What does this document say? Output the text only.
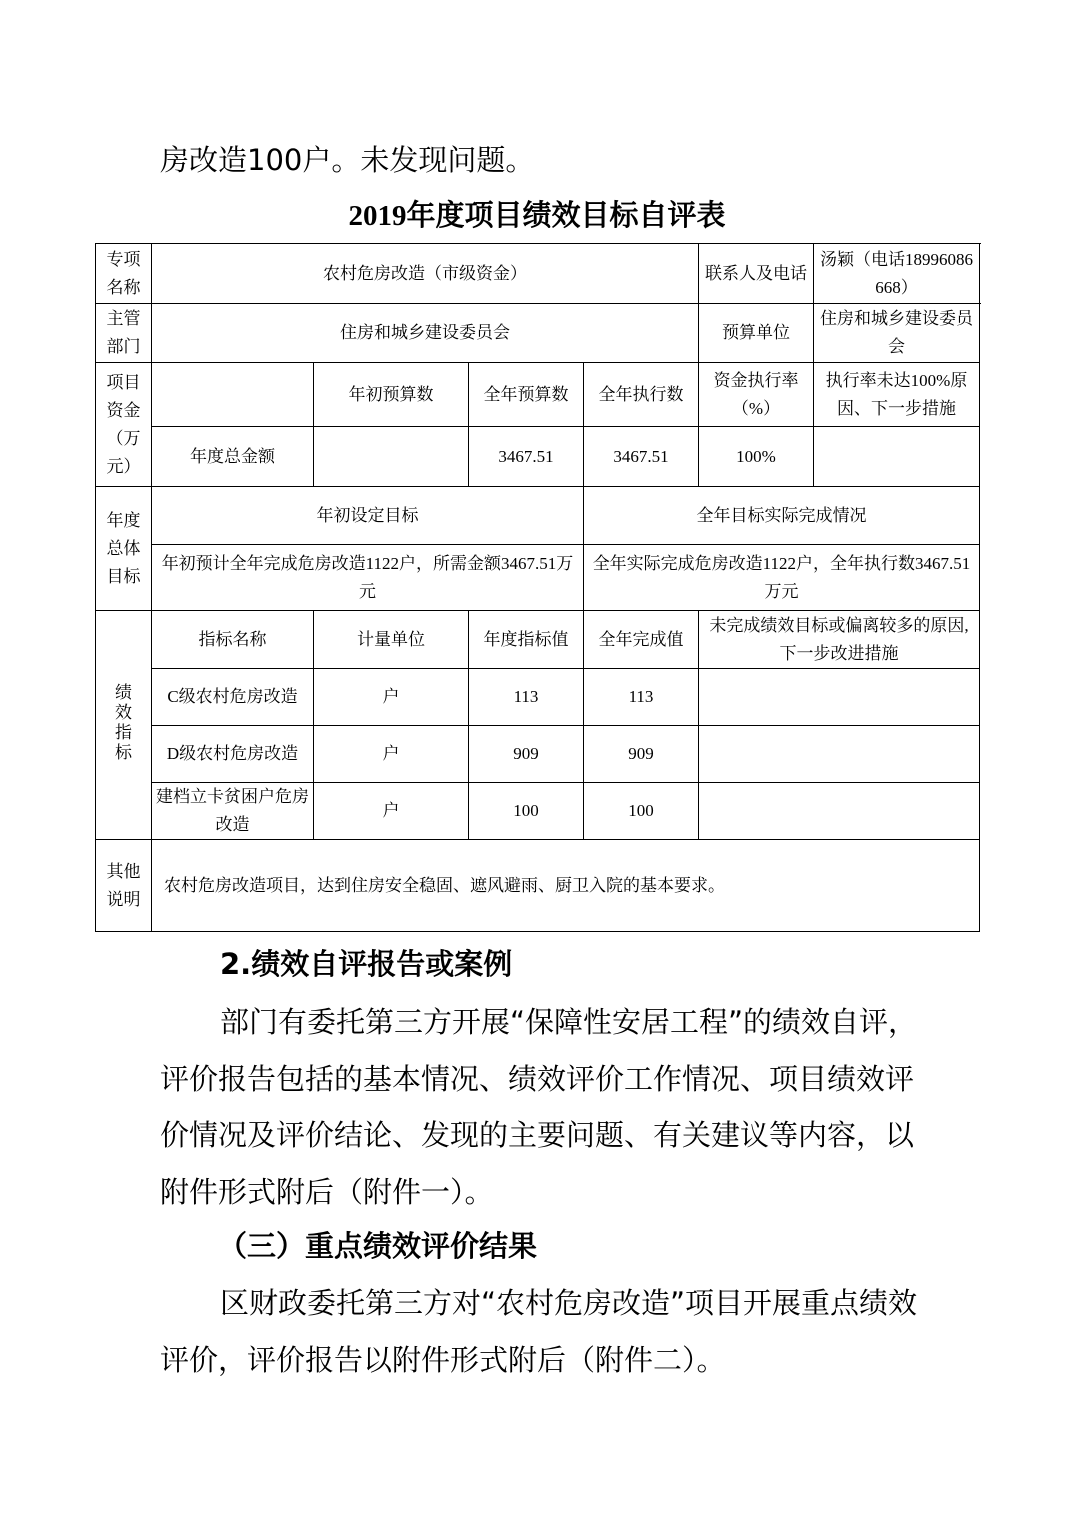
房改造100户。未发现问题。
2019年度项目绩效目标自评表
专项名称	农村危房改造（市级资金）				联系人及电话	汤颖（电话18996086668）
主管部门	住房和城乡建设委员会				预算单位	住房和城乡建设委员会
项目资金（万元）		年初预算数	全年预算数	全年执行数	资金执行率（%）	执行率未达100%原因、下一步措施
	年度总金额		3467.51	3467.51	100%	
年度总体目标	年初设定目标			全年目标实际完成情况		
	年初预计全年完成危房改造1122户，所需金额3467.51万元			全年实际完成危房改造1122户，全年执行数3467.51万元		
绩效指标	指标名称	计量单位	年度指标值	全年完成值	未完成绩效目标或偏离较多的原因,下一步改进措施	
	C级农村危房改造	户	113	113		
	D级农村危房改造	户	909	909		
	建档立卡贫困户危房改造	户	100	100		
其他说明	农村危房改造项目，达到住房安全稳固、遮风避雨、厨卫入院的基本要求。					
2.绩效自评报告或案例
部门有委托第三方开展“保障性安居工程”的绩效自评，
评价报告包括的基本情况、绩效评价工作情况、项目绩效评
价情况及评价结论、发现的主要问题、有关建议等内容，以
附件形式附后（附件一）。
（三）重点绩效评价结果
区财政委托第三方对“农村危房改造”项目开展重点绩效
评价，评价报告以附件形式附后（附件二）。
